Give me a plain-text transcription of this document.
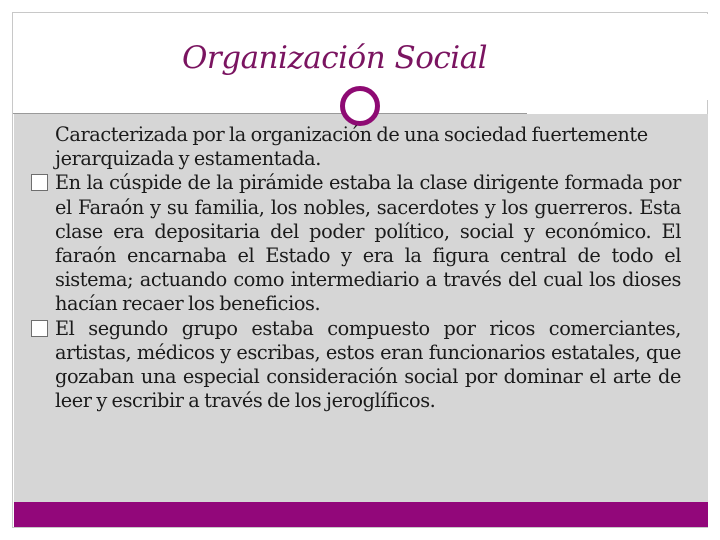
Organización Social

Caracterizada por la organización de una sociedad fuertemente jerarquizada y estamentada.

En la cúspide de la pirámide estaba la clase dirigente formada por el Faraón y su familia, los nobles, sacerdotes y los guerreros. Esta clase era depositaria del poder político, social y económico. El faraón encarnaba el Estado y era la figura central de todo el sistema; actuando como intermediario a través del cual los dioses hacían recaer los beneficios.

El segundo grupo estaba compuesto por ricos comerciantes, artistas, médicos y escribas, estos eran funcionarios estatales, que gozaban una especial consideración social por dominar el arte de leer y escribir a través de los jeroglíficos.
